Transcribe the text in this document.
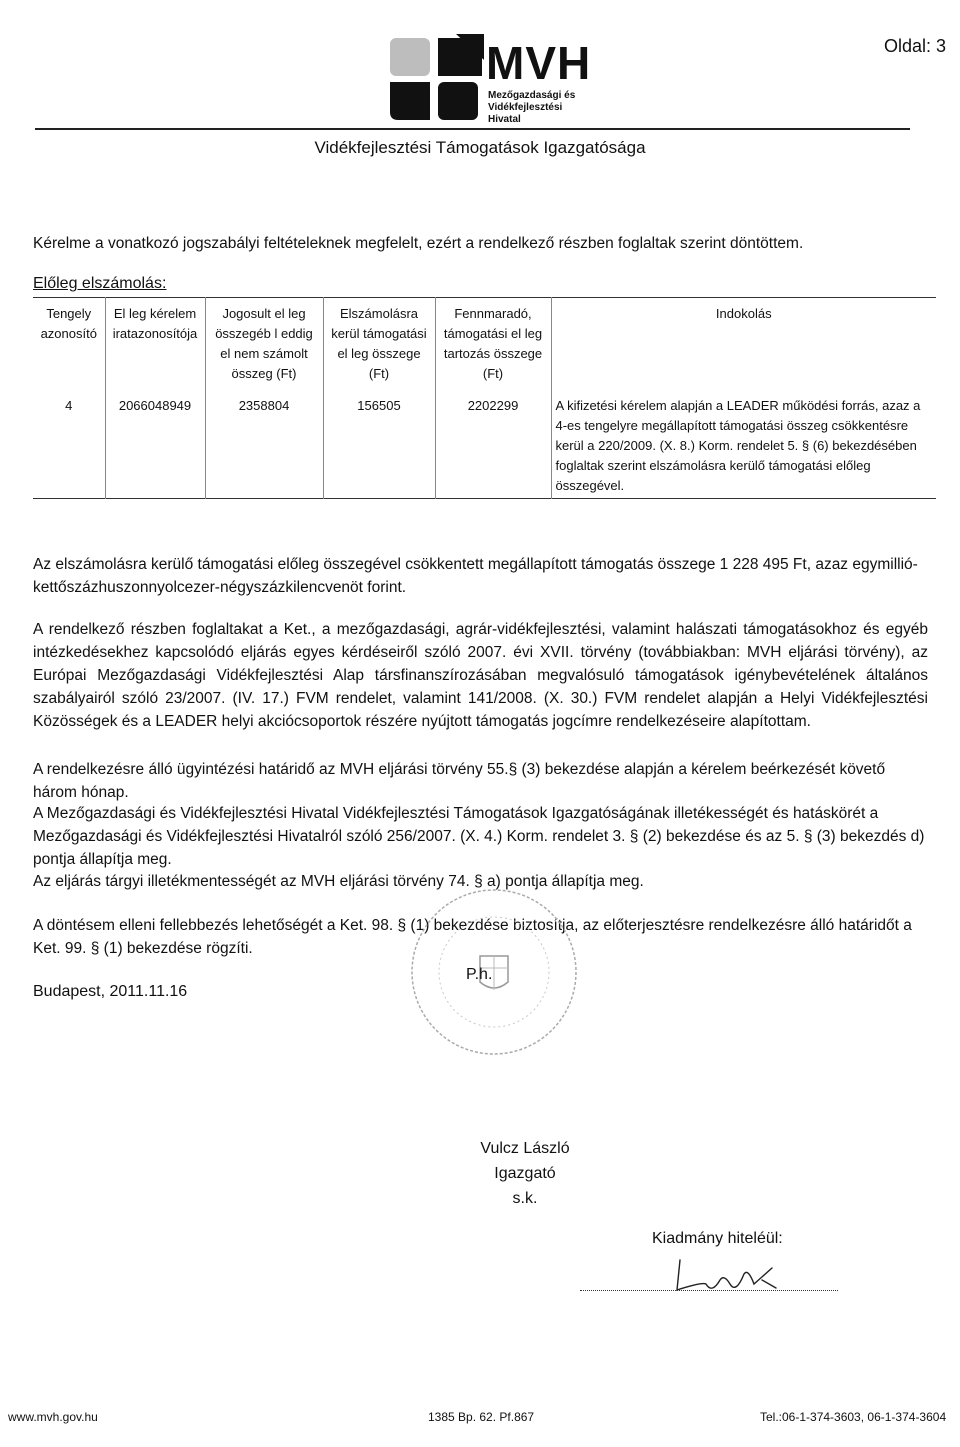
Oldal: 3
MVH
Mezőgazdasági és
Vidékfejlesztési
Hivatal
Vidékfejlesztési Támogatások Igazgatósága

Kérelme a vonatkozó jogszabályi feltételeknek megfelelt, ezért a rendelkező részben foglaltak szerint döntöttem.

Előleg elszámolás:
Tengely azonosító	El leg kérelem iratazonosítója	Jogosult el leg összegéb l eddig el nem számolt összeg (Ft)	Elszámolásra kerül támogatási el leg összege (Ft)	Fennmaradó, támogatási el leg tartozás összege (Ft)	Indokolás
4	2066048949	2358804	156505	2202299	A kifizetési kérelem alapján a LEADER működési forrás, azaz a 4-es tengelyre megállapított támogatási összeg csökkentésre kerül a 220/2009. (X. 8.) Korm. rendelet 5. § (6) bekezdésében foglaltak szerint elszámolásra kerülő támogatási előleg összegével.

Az elszámolásra kerülő támogatási előleg összegével csökkentett megállapított támogatás összege 1 228 495 Ft, azaz egymillió-kettőszázhuszonnyolcezer-négyszázkilencvenöt forint.

A rendelkező részben foglaltakat a Ket., a mezőgazdasági, agrár-vidékfejlesztési, valamint halászati támogatásokhoz és egyéb intézkedésekhez kapcsolódó eljárás egyes kérdéseiről szóló 2007. évi XVII. törvény (továbbiakban: MVH eljárási törvény), az Európai Mezőgazdasági Vidékfejlesztési Alap társfinanszírozásában megvalósuló támogatások igénybevételének általános szabályairól szóló 23/2007. (IV. 17.) FVM rendelet, valamint 141/2008. (X. 30.) FVM rendelet alapján a Helyi Vidékfejlesztési Közösségek és a LEADER helyi akciócsoportok részére nyújtott támogatás jogcímre rendelkezéseire alapítottam.

A rendelkezésre álló ügyintézési határidő az MVH eljárási törvény 55.§ (3) bekezdése alapján a kérelem beérkezését követő három hónap.

A Mezőgazdasági és Vidékfejlesztési Hivatal Vidékfejlesztési Támogatások Igazgatóságának illetékességét és hatáskörét a Mezőgazdasági és Vidékfejlesztési Hivatalról szóló 256/2007. (X. 4.) Korm. rendelet 3. § (2) bekezdése és az 5. § (3) bekezdés d) pontja állapítja meg.

Az eljárás tárgyi illetékmentességét az MVH eljárási törvény 74. § a) pontja állapítja meg.

A döntésem elleni fellebbezés lehetőségét a Ket. 98. § (1) bekezdése biztosítja, az előterjesztésre rendelkezésre álló határidőt a Ket. 99. § (1) bekezdése rögzíti.

Budapest, 2011.11.16
P.h.
Vulcz László
Igazgató
s.k.
Kiadmány hiteléül:
www.mvh.gov.hu	1385 Bp. 62. Pf.867	Tel.:06-1-374-3603, 06-1-374-3604
